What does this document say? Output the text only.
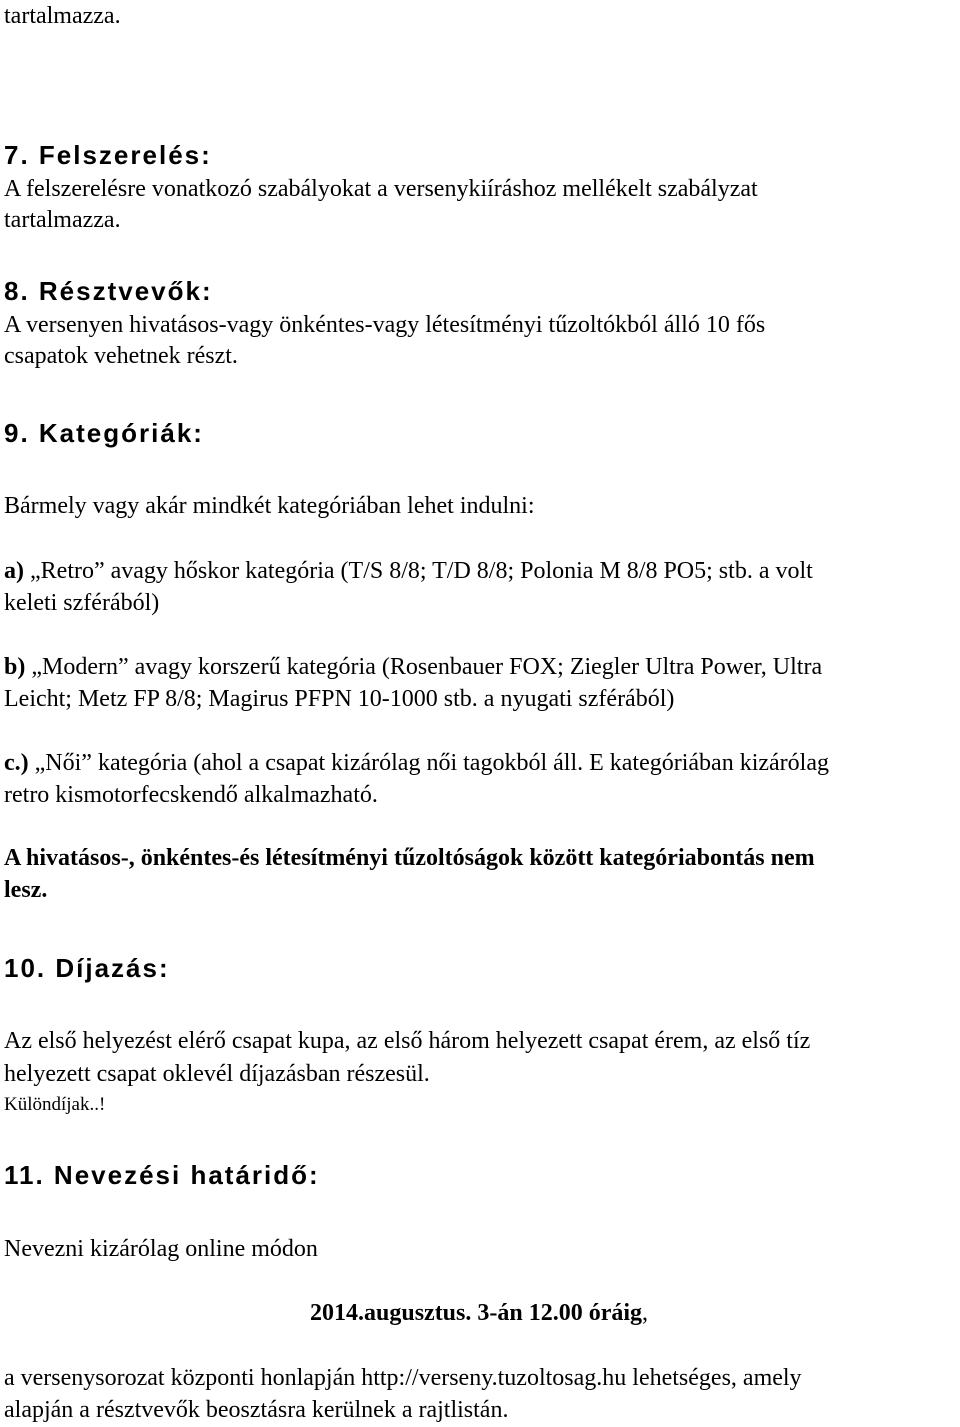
tartalmazza.
7. Felszerelés:
A felszerelésre vonatkozó szabályokat a versenykiíráshoz mellékelt szabályzat
tartalmazza.
8. Résztvevők:
A versenyen hivatásos-vagy önkéntes-vagy létesítményi tűzoltókból álló 10 fős
csapatok vehetnek részt.
9. Kategóriák:
Bármely vagy akár mindkét kategóriában lehet indulni:
a) „Retro” avagy hőskor kategória (T/S 8/8; T/D 8/8; Polonia M 8/8 PO5; stb. a volt
keleti szférából)
b) „Modern” avagy korszerű kategória (Rosenbauer FOX; Ziegler Ultra Power, Ultra
Leicht; Metz FP 8/8; Magirus PFPN 10-1000 stb. a nyugati szférából)
c.) „Női” kategória (ahol a csapat kizárólag női tagokból áll. E kategóriában kizárólag
retro kismotorfecskendő alkalmazható.
A hivatásos-, önkéntes-és létesítményi tűzoltóságok között kategóriabontás nem
lesz.
10. Díjazás:
Az első helyezést elérő csapat kupa, az első három helyezett csapat érem, az első tíz
helyezett csapat oklevél díjazásban részesül.
Különdíjak..!
11. Nevezési határidő:
Nevezni kizárólag online módon
2014.augusztus. 3-án 12.00 óráig,
a versenysorozat központi honlapján http://verseny.tuzoltosag.hu lehetséges, amely
alapján a résztvevők beosztásra kerülnek a rajtlistán.
